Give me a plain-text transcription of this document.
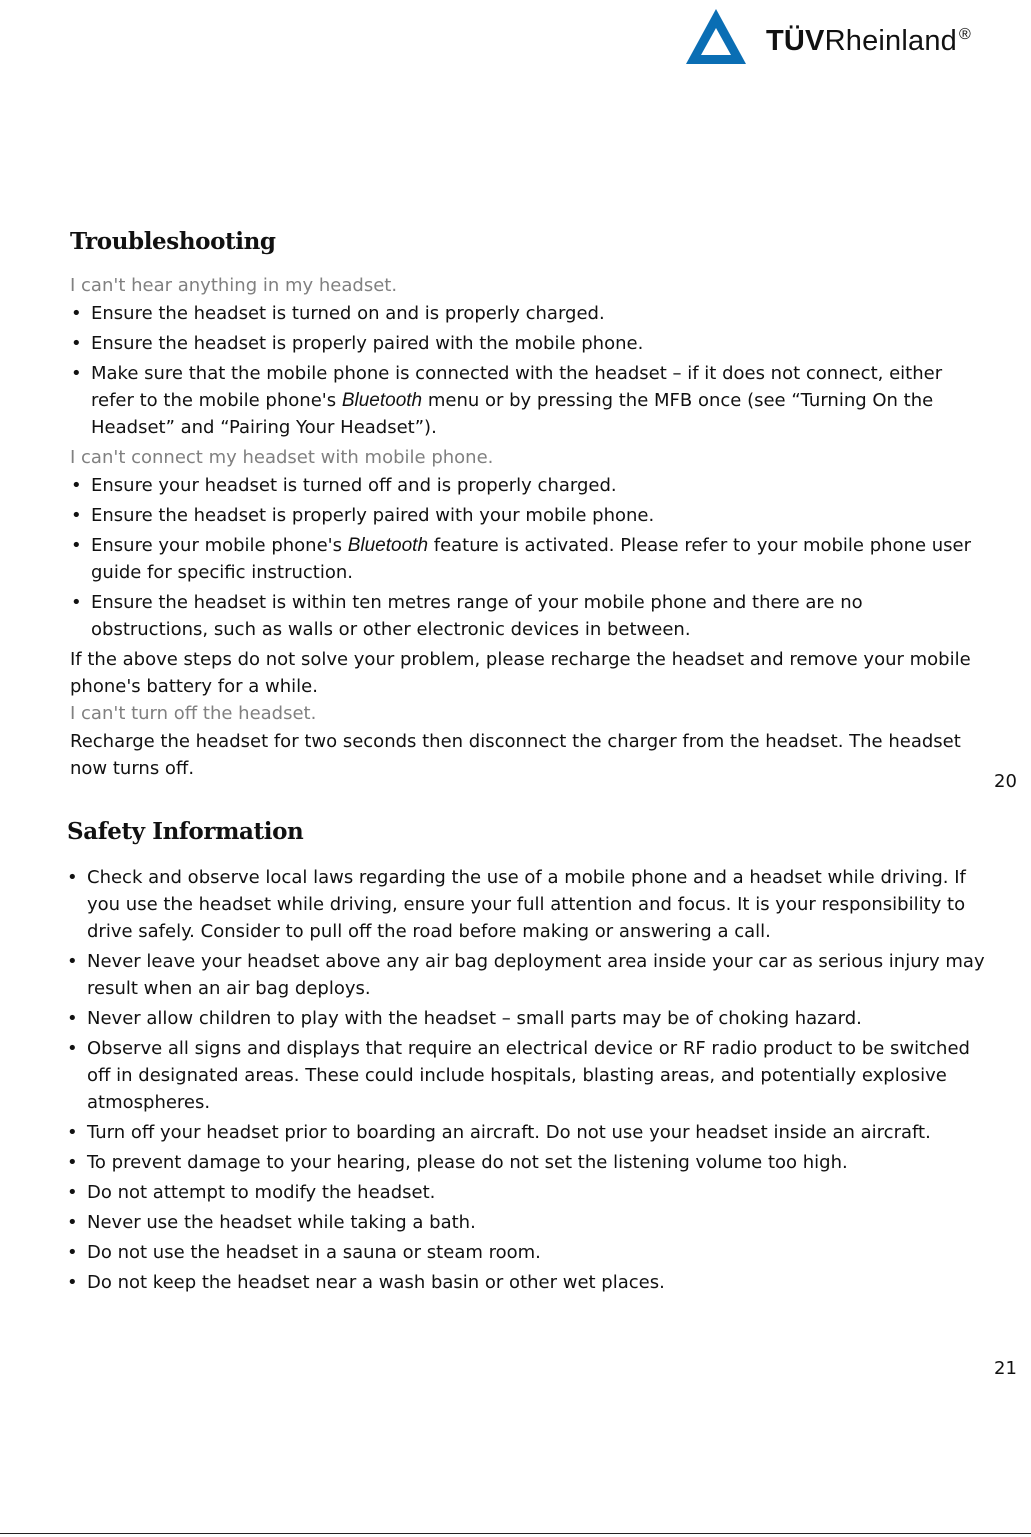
TÜVRheinland ®
Troubleshooting

I can't hear anything in my headset.

• Ensure the headset is turned on and is properly charged.
• Ensure the headset is properly paired with the mobile phone.
• Make sure that the mobile phone is connected with the headset – if it does not connect, either refer to the mobile phone's Bluetooth menu or by pressing the MFB once (see “Turning On the Headset” and “Pairing Your Headset”).

I can't connect my headset with mobile phone.

• Ensure your headset is turned off and is properly charged.
• Ensure the headset is properly paired with your mobile phone.
• Ensure your mobile phone's Bluetooth feature is activated. Please refer to your mobile phone user guide for specific instruction.
• Ensure the headset is within ten metres range of your mobile phone and there are no obstructions, such as walls or other electronic devices in between.

If the above steps do not solve your problem, please recharge the headset and remove your mobile phone's battery for a while.

I can't turn off the headset.

Recharge the headset for two seconds then disconnect the charger from the headset. The headset now turns off.

20
Safety Information
• Check and observe local laws regarding the use of a mobile phone and a headset while driving. If you use the headset while driving, ensure your full attention and focus. It is your responsibility to drive safely. Consider to pull off the road before making or answering a call.
• Never leave your headset above any air bag deployment area inside your car as serious injury may result when an air bag deploys.
• Never allow children to play with the headset – small parts may be of choking hazard.
• Observe all signs and displays that require an electrical device or RF radio product to be switched off in designated areas. These could include hospitals, blasting areas, and potentially explosive atmospheres.
• Turn off your headset prior to boarding an aircraft. Do not use your headset inside an aircraft.
• To prevent damage to your hearing, please do not set the listening volume too high.
• Do not attempt to modify the headset.
• Never use the headset while taking a bath.
• Do not use the headset in a sauna or steam room.
• Do not keep the headset near a wash basin or other wet places.
21
